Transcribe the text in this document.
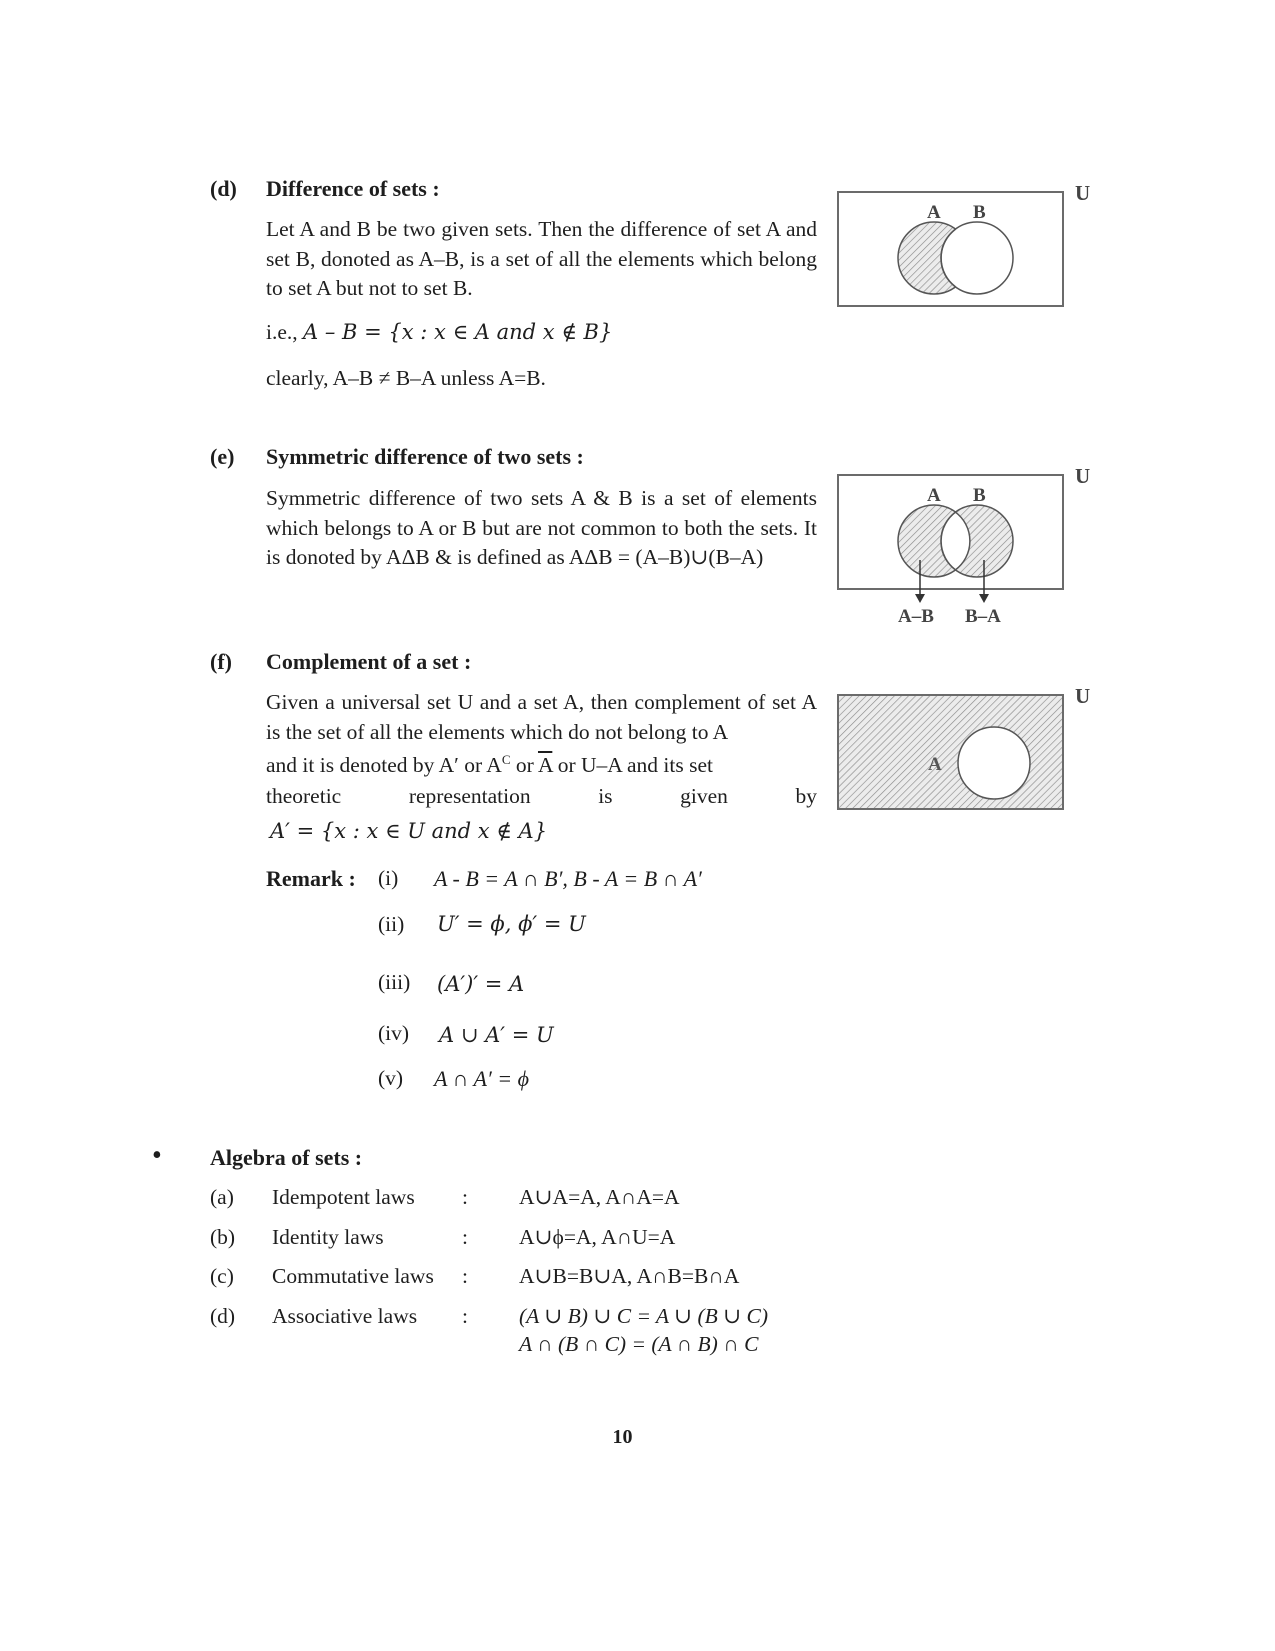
(d) Difference of sets :
Let A and B be two given sets. Then the difference of set A and set B, donoted as A–B, is a set of all the elements which belong to set A but not to set B.
i.e., A – B = {x : x ∈ A and x ∉ B}
clearly, A–B ≠ B–A unless A=B.
A B
U
(e) Symmetric difference of two sets :
Symmetric difference of two sets A & B is a set of elements which belongs to A or B but are not common to both the sets. It is donoted by AΔB & is defined as AΔB = (A–B)∪(B–A)
A B
U
A–B B–A
(f) Complement of a set :
Given a universal set U and a set A, then complement of set A is the set of all the elements which do not belong to A
and it is denoted by A′ or $A^C$ or $\overline{A}$ or U–A and its set
theoretic	representation	is	given	by
A′ = {x : x ∈ U and x ∉ A}
A
U
Remark : (i) A - B = A ∩ B′, B - A = B ∩ A′
(ii) U′ = ϕ, ϕ′ = U
(iii) (A′)′ = A
(iv) A ∪ A′ = U
(v) A ∩ A′ = ϕ
• Algebra of sets :
(a) Idempotent laws : A∪A=A, A∩A=A
(b) Identity laws	: A∪ϕ=A, A∩U=A
(c) Commutative laws : A∪B=B∪A, A∩B=B∩A
(d) Associative laws : (A ∪ B) ∪ C = A ∪ (B ∪ C)
A ∩ (B ∩ C) = (A ∩ B) ∩ C
10
